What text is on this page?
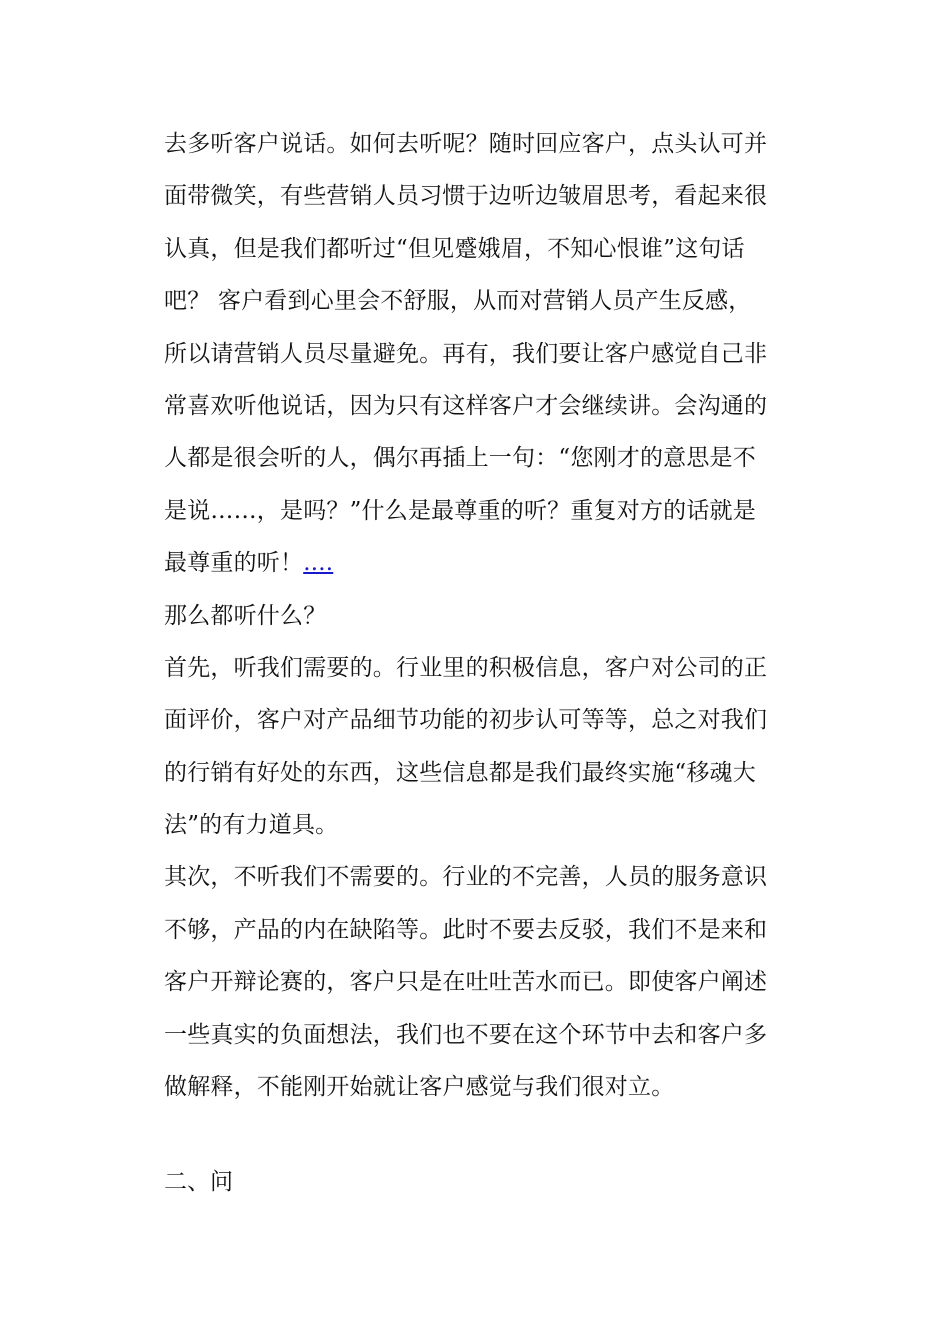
去多听客户说话。如何去听呢？随时回应客户，点头认可并
面带微笑，有些营销人员习惯于边听边皱眉思考，看起来很
认真，但是我们都听过“但见蹙娥眉，不知心恨谁”这句话
吧？ 客户看到心里会不舒服，从而对营销人员产生反感，
所以请营销人员尽量避免。再有，我们要让客户感觉自己非
常喜欢听他说话，因为只有这样客户才会继续讲。会沟通的
人都是很会听的人，偶尔再插上一句：“您刚才的意思是不
是说……，是吗？”什么是最尊重的听？重复对方的话就是
最尊重的听！....
那么都听什么？
首先，听我们需要的。行业里的积极信息，客户对公司的正
面评价，客户对产品细节功能的初步认可等等，总之对我们
的行销有好处的东西，这些信息都是我们最终实施“移魂大
法”的有力道具。
其次，不听我们不需要的。行业的不完善，人员的服务意识
不够，产品的内在缺陷等。此时不要去反驳，我们不是来和
客户开辩论赛的，客户只是在吐吐苦水而已。即使客户阐述
一些真实的负面想法，我们也不要在这个环节中去和客户多
做解释，不能刚开始就让客户感觉与我们很对立。
二、问
